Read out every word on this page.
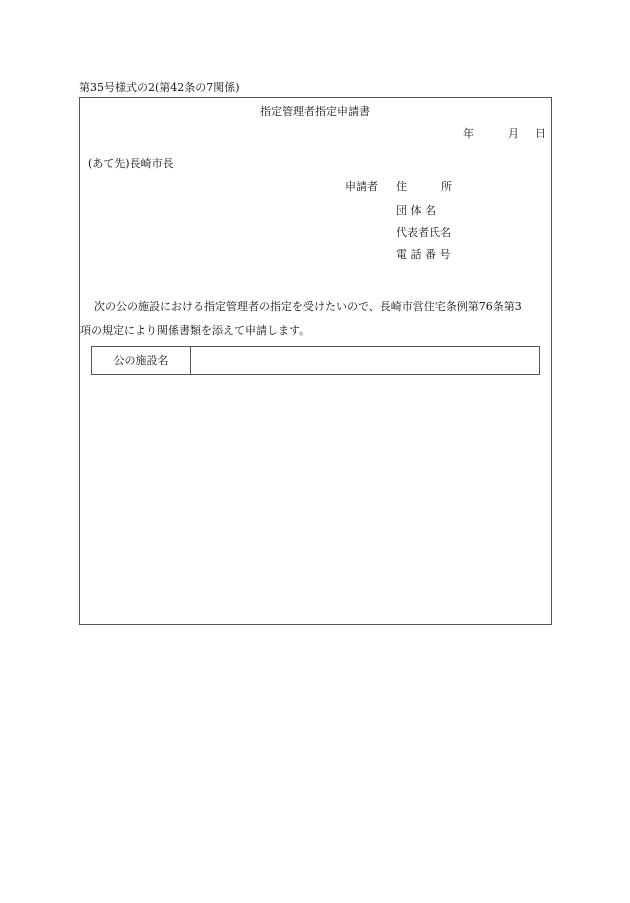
第35号様式の2(第42条の7関係)
指定管理者指定申請書
年	月 日
(あて先)長崎市長
申請者 住	所
団 体 名
代表者氏名
電 話 番 号
次の公の施設における指定管理者の指定を受けたいので、長崎市営住宅条例第76条第3
項の規定により関係書類を添えて申請します。
公の施設名
